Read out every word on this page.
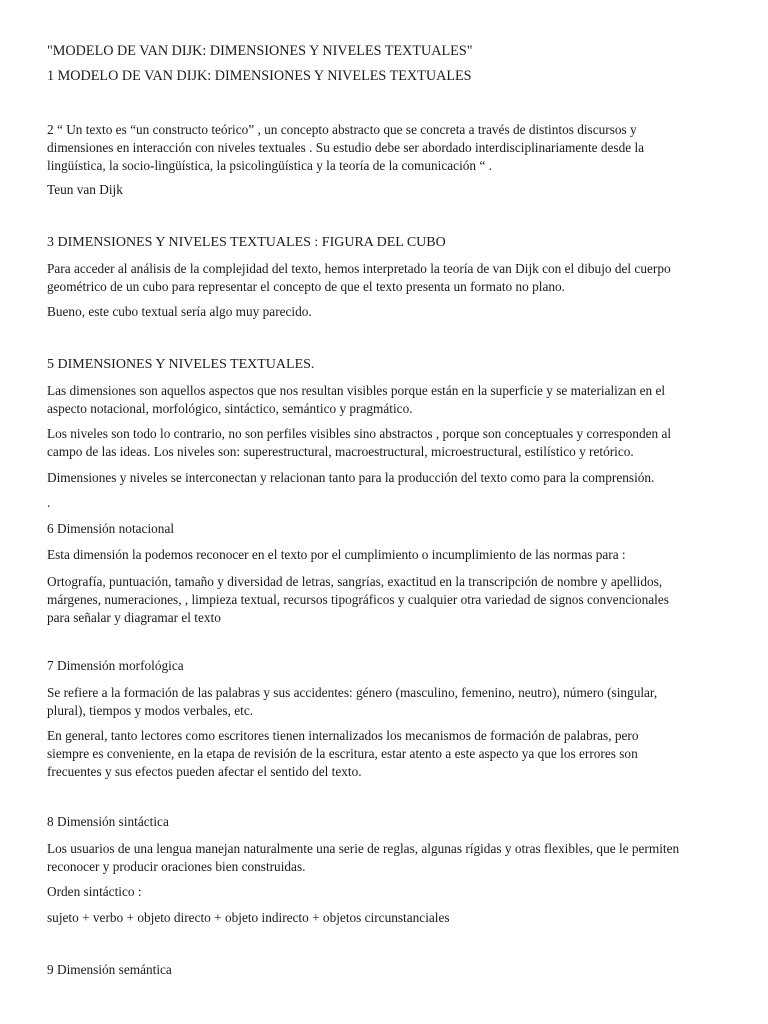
"MODELO DE VAN DIJK: DIMENSIONES Y NIVELES TEXTUALES"

1 MODELO DE VAN DIJK: DIMENSIONES Y NIVELES TEXTUALES

2 “ Un texto es “un constructo teórico” , un concepto abstracto que se concreta a través de distintos discursos y

dimensiones en interacción con niveles textuales . Su estudio debe ser abordado interdisciplinariamente desde la

lingüística, la socio-lingüística, la psicolingüística y la teoría de la comunicación “ .

Teun van Dijk

3 DIMENSIONES Y NIVELES TEXTUALES : FIGURA DEL CUBO

Para acceder al análisis de la complejidad del texto, hemos interpretado la teoría de van Dijk con el dibujo del cuerpo

geométrico de un cubo para representar el concepto de que el texto presenta un formato no plano.

Bueno, este cubo textual sería algo muy parecido.

5 DIMENSIONES Y NIVELES TEXTUALES.

Las dimensiones son aquellos aspectos que nos resultan visibles porque están en la superficie y se materializan en el

aspecto notacional, morfológico, sintáctico, semántico y pragmático.

Los niveles son todo lo contrario, no son perfiles visibles sino abstractos , porque son conceptuales y corresponden al

campo de las ideas. Los niveles son: superestructural, macroestructural, microestructural, estilístico y retórico.

Dimensiones y niveles se interconectan y relacionan tanto para la producción del texto como para la comprensión.

.

6 Dimensión notacional

Esta dimensión la podemos reconocer en el texto por el cumplimiento o incumplimiento de las normas para :

Ortografía, puntuación, tamaño y diversidad de letras, sangrías, exactitud en la transcripción de nombre y apellidos,

márgenes, numeraciones, , limpieza textual, recursos tipográficos y cualquier otra variedad de signos convencionales

para señalar y diagramar el texto

7 Dimensión morfológica

Se refiere a la formación de las palabras y sus accidentes: género (masculino, femenino, neutro), número (singular,

plural), tiempos y modos verbales, etc.

En general, tanto lectores como escritores tienen internalizados los mecanismos de formación de palabras, pero

siempre es conveniente, en la etapa de revisión de la escritura, estar atento a este aspecto ya que los errores son

frecuentes y sus efectos pueden afectar el sentido del texto.

8 Dimensión sintáctica

Los usuarios de una lengua manejan naturalmente una serie de reglas, algunas rígidas y otras flexibles, que le permiten

reconocer y producir oraciones bien construidas.

Orden sintáctico :

sujeto + verbo + objeto directo + objeto indirecto + objetos circunstanciales

9 Dimensión semántica
